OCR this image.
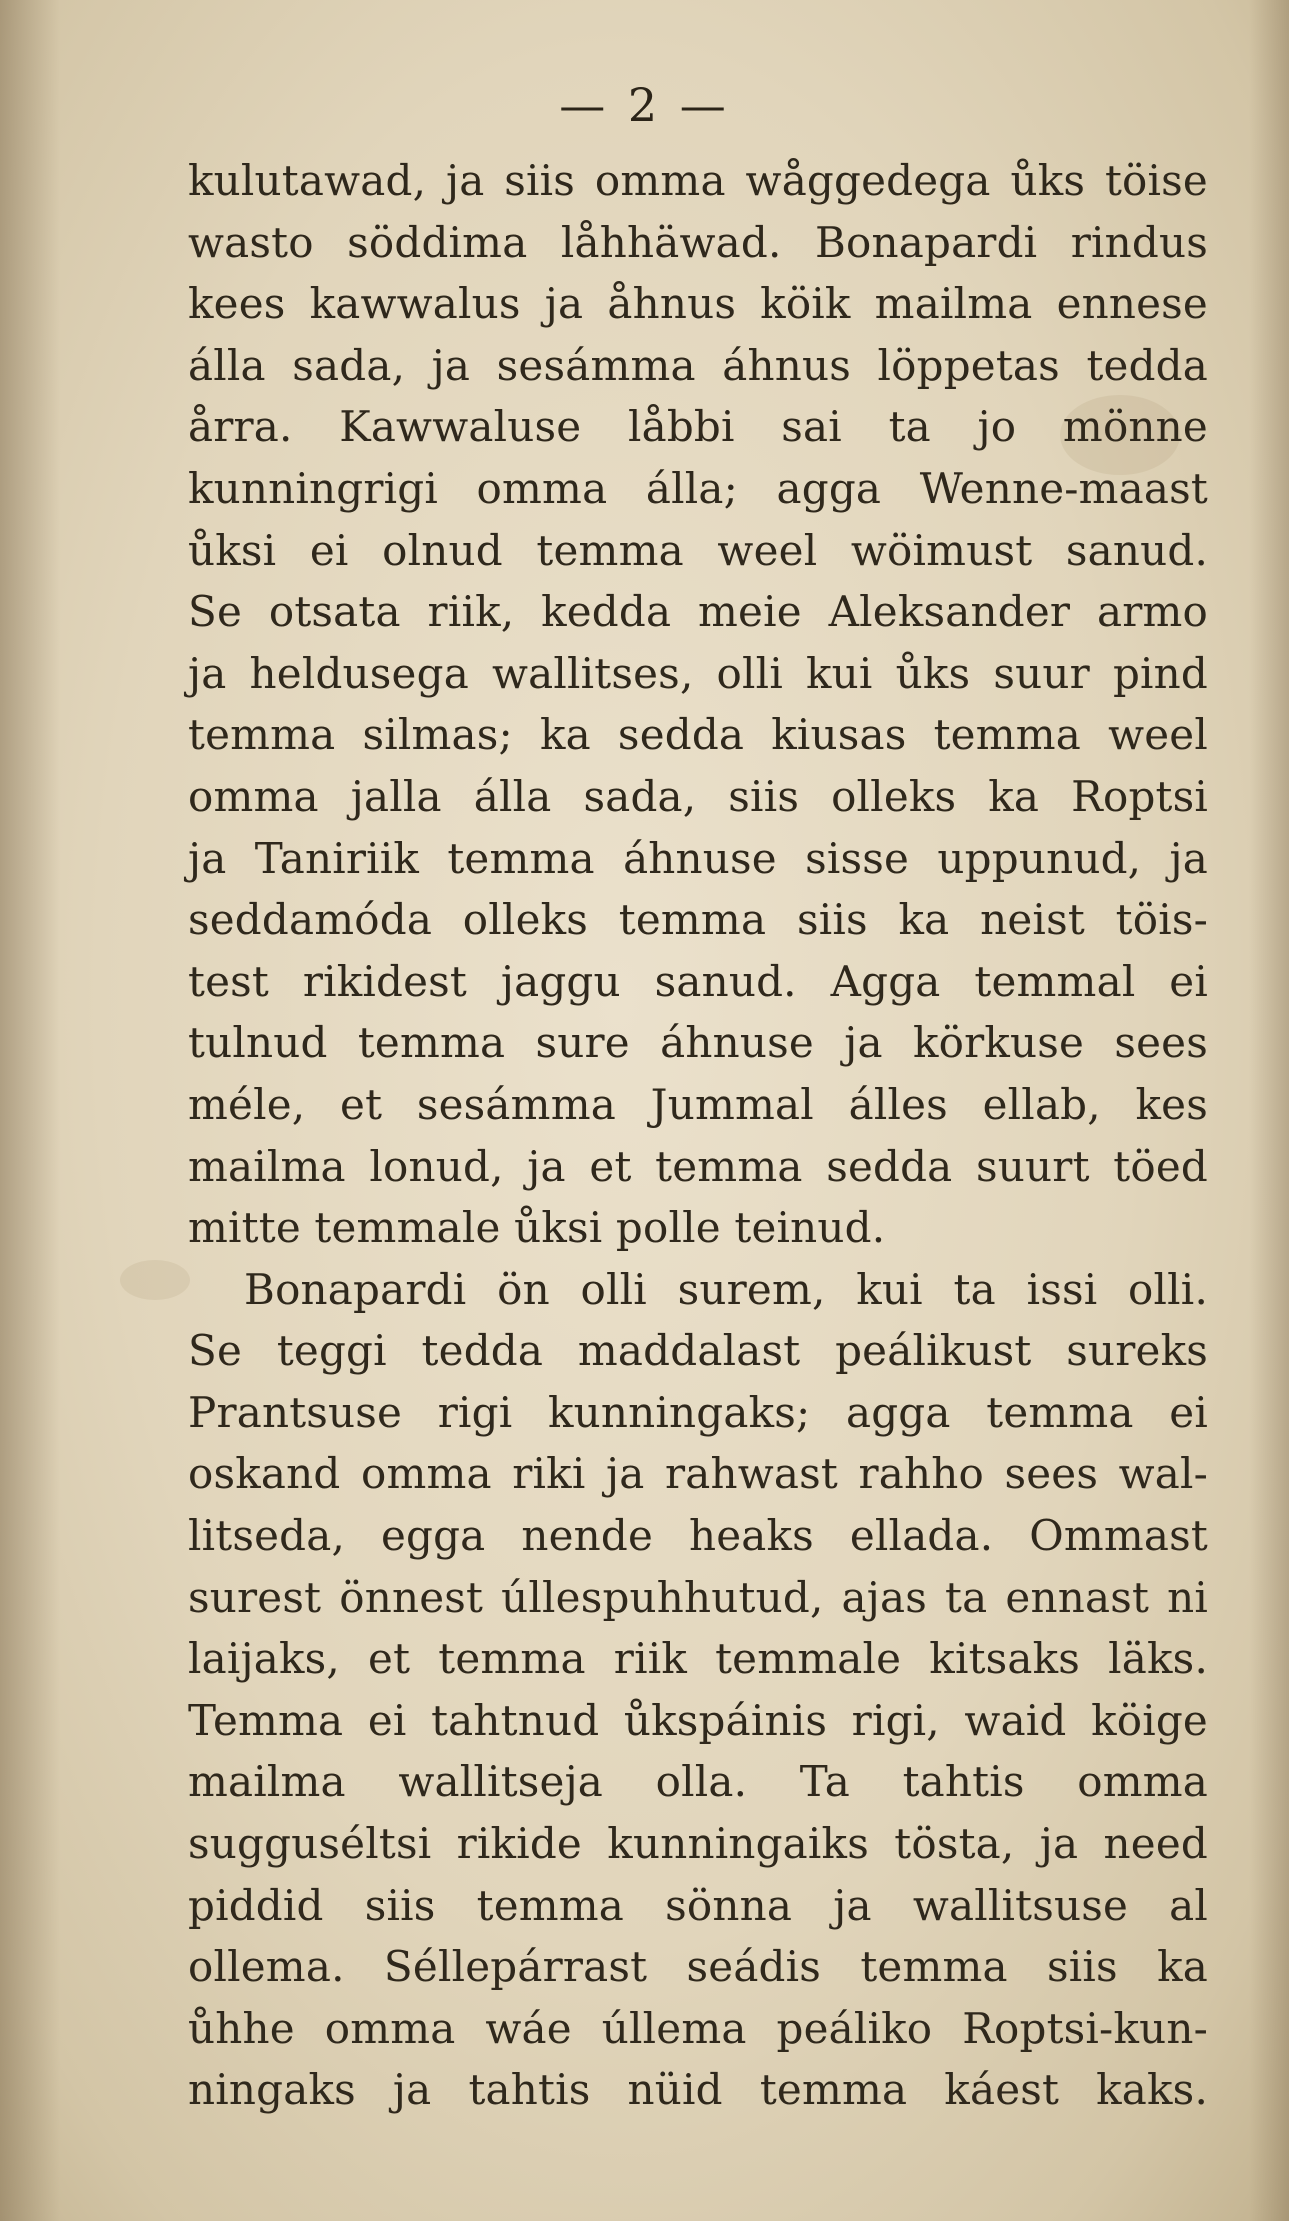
— 2 —
kulutawad, ja siis omma wåggedega ůks töise
wasto söddima låhhäwad. Bonapardi rindus
kees kawwalus ja åhnus köik mailma ennese
álla sada, ja sesámma áhnus löppetas tedda
årra. Kawwaluse låbbi sai ta jo mönne
kunningrigi omma álla; agga Wenne-maast
ůksi ei olnud temma weel wöimust sanud.
Se otsata riik, kedda meie Aleksander armo
ja heldusega wallitses, olli kui ůks suur pind
temma silmas; ka sedda kiusas temma weel
omma jalla álla sada, siis olleks ka Roptsi
ja Taniriik temma áhnuse sisse uppunud, ja
seddamóda olleks temma siis ka neist töis-
test rikidest jaggu sanud. Agga temmal ei
tulnud temma sure áhnuse ja körkuse sees
méle, et sesámma Jummal álles ellab, kes
mailma lonud, ja et temma sedda suurt töed
mitte temmale ůksi polle teinud.
Bonapardi ön olli surem, kui ta issi olli.
Se teggi tedda maddalast peálikust sureks
Prantsuse rigi kunningaks; agga temma ei
oskand omma riki ja rahwast rahho sees wal-
litseda, egga nende heaks ellada. Ommast
surest önnest úllespuhhutud, ajas ta ennast ni
laijaks, et temma riik temmale kitsaks läks.
Temma ei tahtnud ůkspáinis rigi, waid köige
mailma wallitseja olla. Ta tahtis omma
sugguséltsi rikide kunningaiks tösta, ja need
piddid siis temma sönna ja wallitsuse al
ollema. Séllepárrast seádis temma siis ka
ůhhe omma wáe úllema peáliko Roptsi-kun-
ningaks ja tahtis nüid temma káest kaks.
